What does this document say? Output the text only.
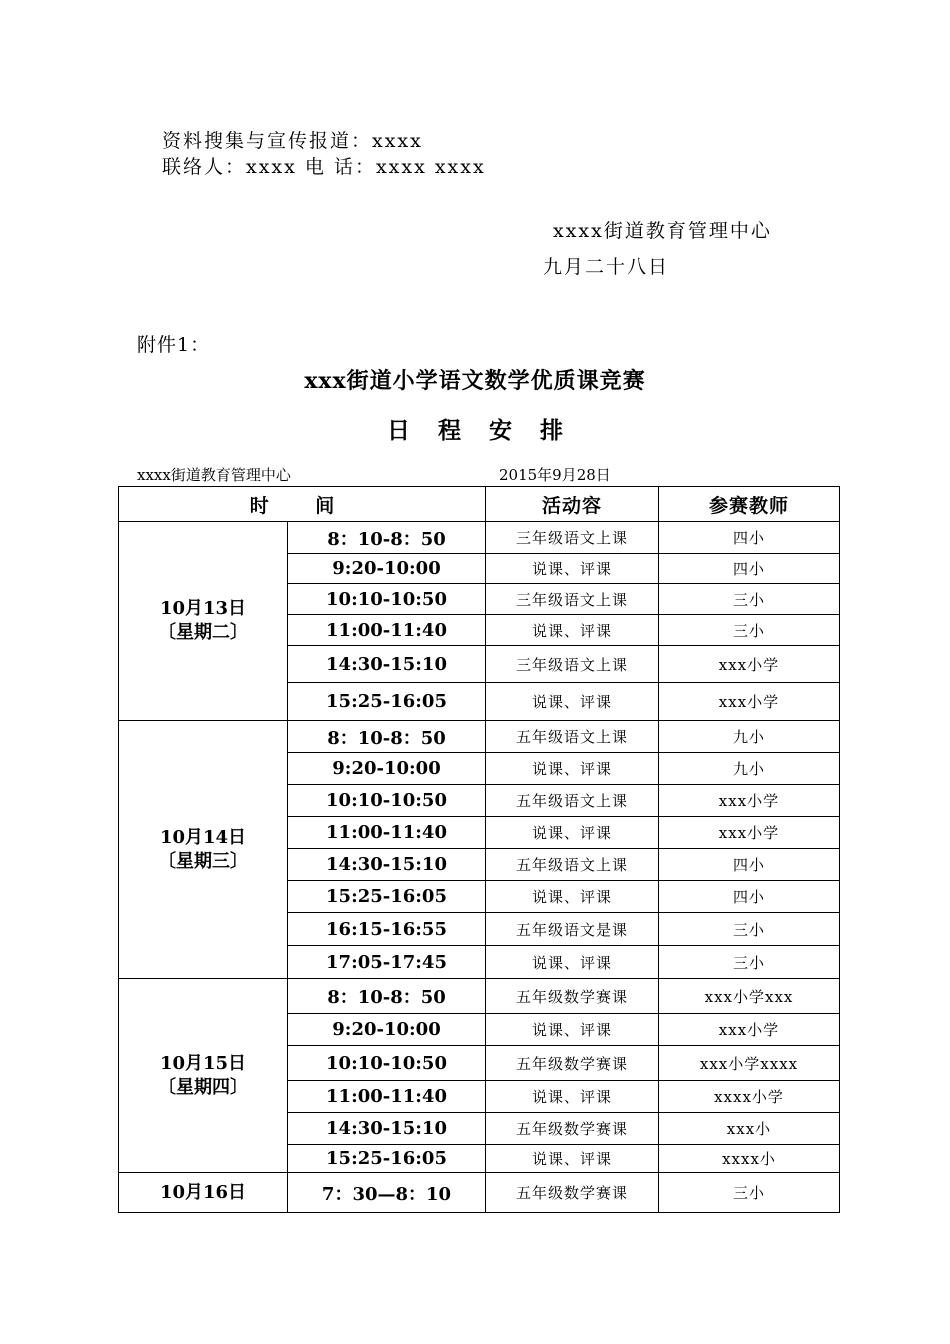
资料搜集与宣传报道：xxxx
联络人：xxxx 电 话：xxxx xxxx
xxxx街道教育管理中心
九月二十八日
附件1：
xxx街道小学语文数学优质课竞赛
日程安排
xxxx街道教育管理中心	2015年9月28日
时 间		活动容	参赛教师

10月13日
〔星期二〕	8：10-8：50	三年级语文上课	四小
	9:20-10:00	说课、评课	四小
	10:10-10:50	三年级语文上课	三小
	11:00-11:40	说课、评课	三小
	14:30-15:10	三年级语文上课	xxx小学
	15:25-16:05	说课、评课	xxx小学

10月14日
〔星期三〕	8：10-8：50	五年级语文上课	九小
	9:20-10:00	说课、评课	九小
	10:10-10:50	五年级语文上课	xxx小学
	11:00-11:40	说课、评课	xxx小学
	14:30-15:10	五年级语文上课	四小
	15:25-16:05	说课、评课	四小
	16:15-16:55	五年级语文是课	三小
	17:05-17:45	说课、评课	三小

10月15日
〔星期四〕	8：10-8：50	五年级数学赛课	xxx小学xxx
	9:20-10:00	说课、评课	xxx小学
	10:10-10:50	五年级数学赛课	xxx小学xxxx
	11:00-11:40	说课、评课	xxxx小学
	14:30-15:10	五年级数学赛课	xxx小
	15:25-16:05	说课、评课	xxxx小

10月16日	7：30—8：10	五年级数学赛课	三小
